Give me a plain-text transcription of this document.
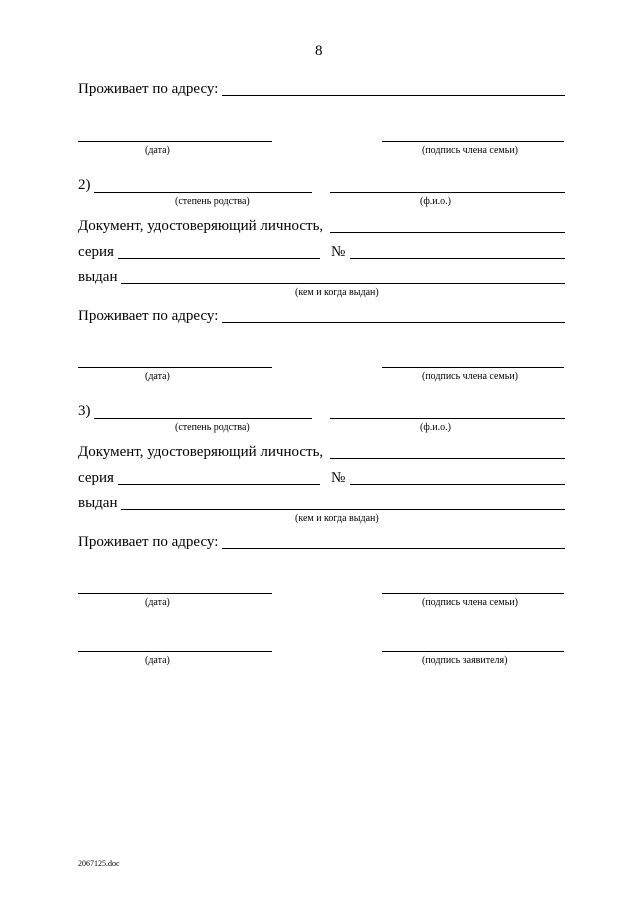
8
Проживает по адресу:
(дата)	(подпись члена семьи)
2)
(степень родства)	(ф.и.о.)
Документ, удостоверяющий личность,
серия	№
выдан
(кем и когда выдан)
Проживает по адресу:
(дата)	(подпись члена семьи)
3)
(степень родства)	(ф.и.о.)
Документ, удостоверяющий личность,
серия	№
выдан
(кем и когда выдан)
Проживает по адресу:
(дата)	(подпись члена семьи)
(дата)	(подпись заявителя)
2067125.doc
